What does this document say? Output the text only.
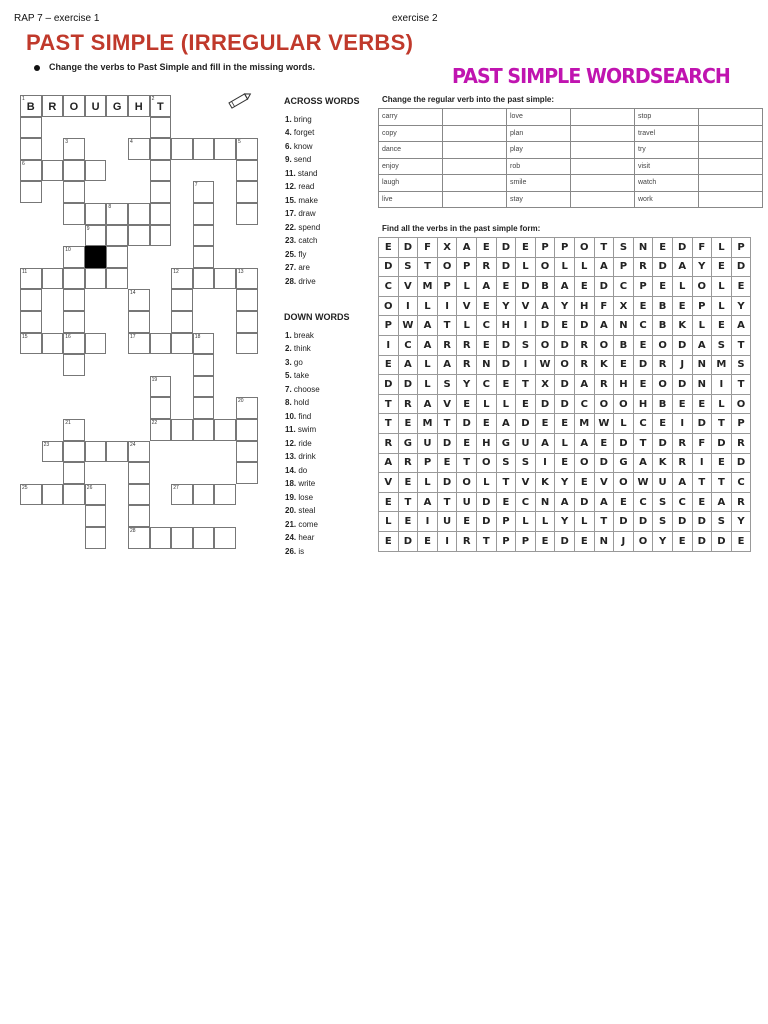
RAP 7 – exercise 1	exercise 2
PAST SIMPLE (IRREGULAR VERBS)
Change the verbs to Past Simple and fill in the missing words.
1
B	R	O	U	G	H
2
T
3	4	5
6
7
8
9
10
11	12	13
14
15	16	17	18
19
20
21	22
23	24
25	26	27
28
ACROSS WORDS
1. bring
4. forget
6. know
9. send
11. stand
12. read
15. make
17. draw
22. spend
23. catch
25. fly
27. are
28. drive
DOWN WORDS
1. break
2. think
3. go
5. take
7. choose
8. hold
10. find
11. swim
12. ride
13. drink
14. do
18. write
19. lose
20. steal
21. come
24. hear
26. is
PAST SIMPLE WORDSEARCH
Change the regular verb into the past simple:
carry		love		stop	
copy		plan		travel	
dance		play		try	
enjoy		rob		visit	
laugh		smile		watch	
live		stay		work	
Find all the verbs in the past simple form:
E	D	F	X	A	E	D	E	P	P	O	T	S	N	E	D	F	L	P
D	S	T	O	P	R	D	L	O	L	L	A	P	R	D	A	Y	E	D
C	V	M	P	L	A	E	D	B	A	E	D	C	P	E	L	O	L	E
O	I	L	I	V	E	Y	V	A	Y	H	F	X	E	B	E	P	L	Y
P	W	A	T	L	C	H	I	D	E	D	A	N	C	B	K	L	E	A
I	C	A	R	R	E	D	S	O	D	R	O	B	E	O	D	A	S	T
E	A	L	A	R	N	D	I	W	O	R	K	E	D	R	J	N	M	S
D	D	L	S	Y	C	E	T	X	D	A	R	H	E	O	D	N	I	T
T	R	A	V	E	L	L	E	D	D	C	O	O	H	B	E	E	L	O
T	E	M	T	D	E	A	D	E	E	M	W	L	C	E	I	D	T	P
R	G	U	D	E	H	G	U	A	L	A	E	D	T	D	R	F	D	R
A	R	P	E	T	O	S	S	I	E	O	D	G	A	K	R	I	E	D
V	E	L	D	O	L	T	V	K	Y	E	V	O	W	U	A	T	T	C
E	T	A	T	U	D	E	C	N	A	D	A	E	C	S	C	E	A	R
L	E	I	U	E	D	P	L	L	Y	L	T	D	D	S	D	D	S	Y
E	D	E	I	R	T	P	P	E	D	E	N	J	O	Y	E	D	D	E
